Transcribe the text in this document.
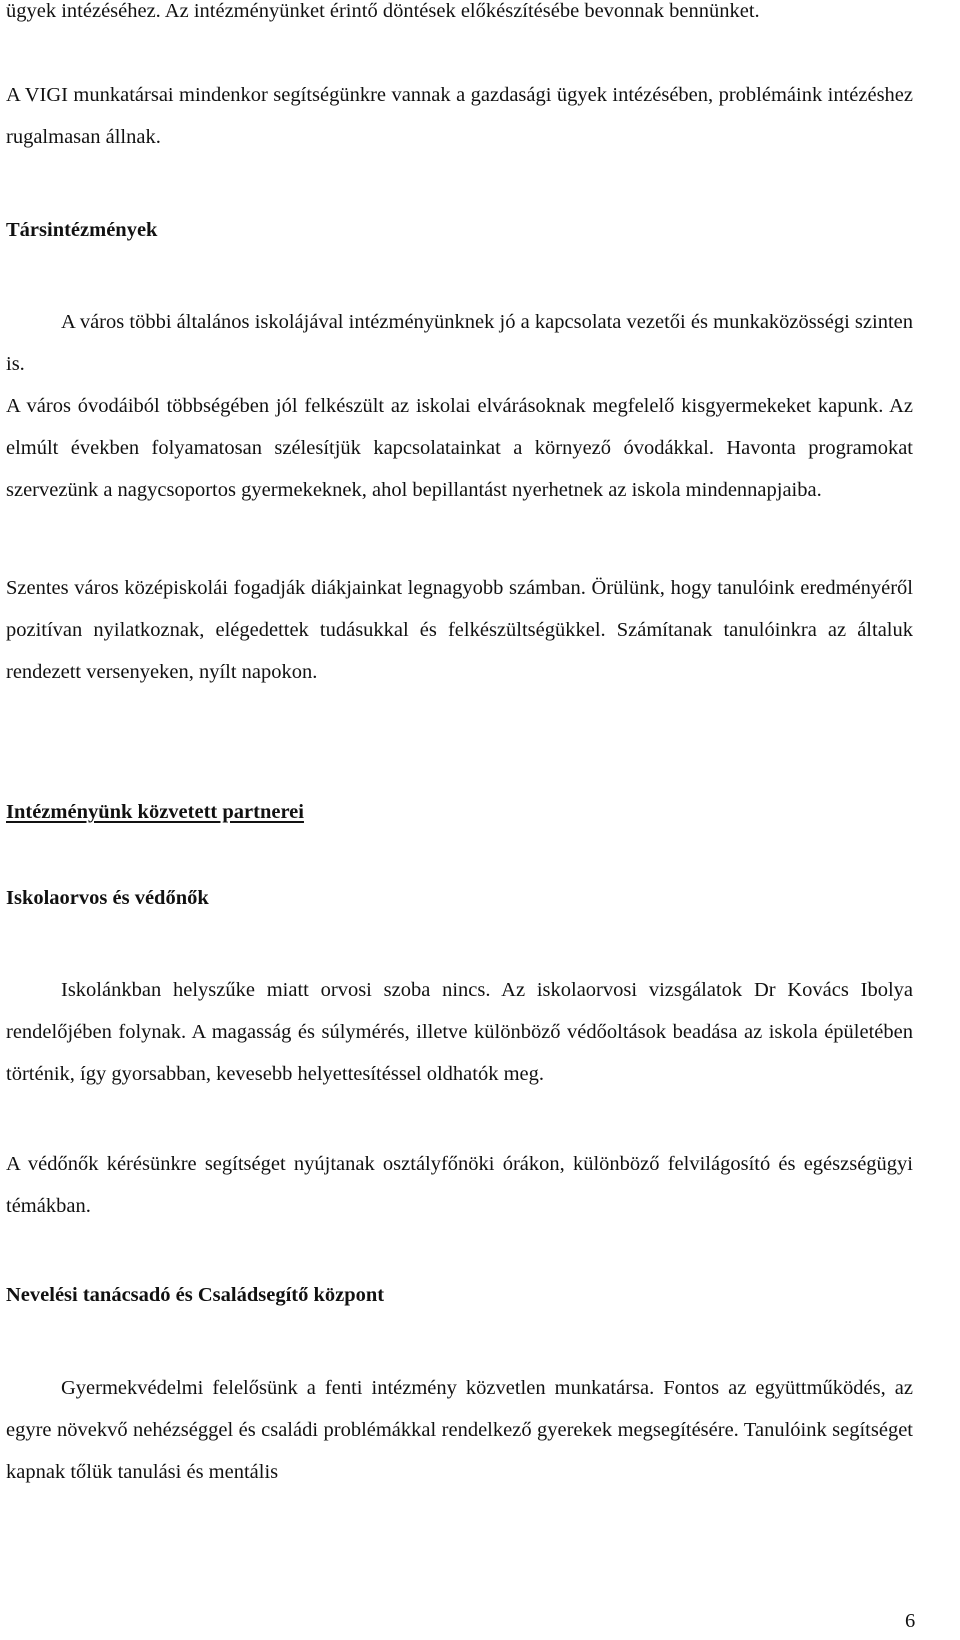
ügyek intézéséhez. Az intézményünket érintő döntések előkészítésébe bevonnak bennünket.

A VIGI munkatársai mindenkor segítségünkre vannak a gazdasági ügyek intézésében, problémáink intézéshez rugalmasan állnak.

Társintézmények

A város többi általános iskolájával intézményünknek jó a kapcsolata vezetői és munkaközösségi szinten is.

A város óvodáiból többségében jól felkészült az iskolai elvárásoknak megfelelő kisgyermekeket kapunk. Az elmúlt években folyamatosan szélesítjük kapcsolatainkat a környező óvodákkal. Havonta programokat szervezünk a nagycsoportos gyermekeknek, ahol bepillantást nyerhetnek az iskola mindennapjaiba.

Szentes város középiskolái fogadják diákjainkat legnagyobb számban. Örülünk, hogy tanulóink eredményéről pozitívan nyilatkoznak, elégedettek tudásukkal és felkészültségükkel. Számítanak tanulóinkra az általuk rendezett versenyeken, nyílt napokon.

Intézményünk közvetett partnerei
Iskolaorvos és védőnők

Iskolánkban helyszűke miatt orvosi szoba nincs. Az iskolaorvosi vizsgálatok Dr Kovács Ibolya rendelőjében folynak. A magasság és súlymérés, illetve különböző védőoltások beadása az iskola épületében történik, így gyorsabban, kevesebb helyettesítéssel oldhatók meg.

A védőnők kérésünkre segítséget nyújtanak osztályfőnöki órákon, különböző felvilágosító és egészségügyi témákban.

Nevelési tanácsadó és Családsegítő központ

Gyermekvédelmi felelősünk a fenti intézmény közvetlen munkatársa. Fontos az együttműködés, az egyre növekvő nehézséggel és családi problémákkal rendelkező gyerekek megsegítésére. Tanulóink segítséget kapnak tőlük tanulási és mentális

6
